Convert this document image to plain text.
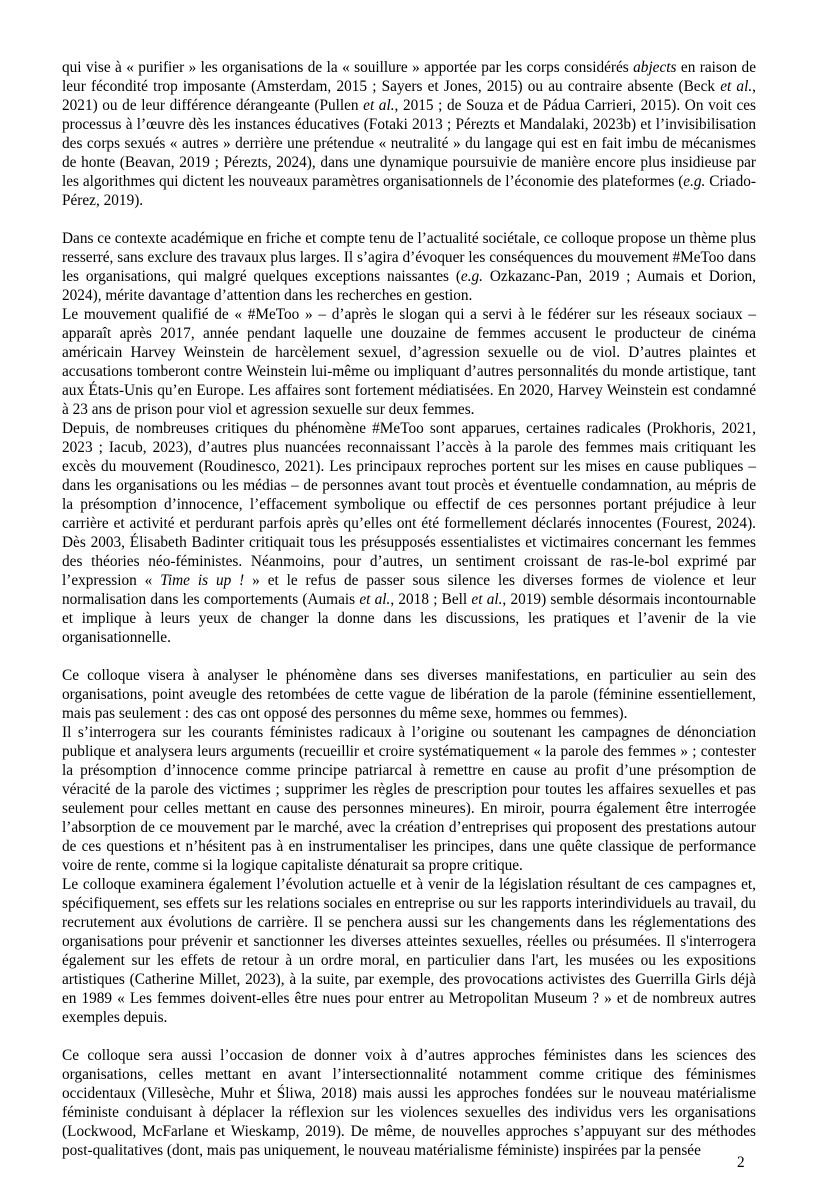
qui vise à « purifier » les organisations de la « souillure » apportée par les corps considérés abjects en raison de leur fécondité trop imposante (Amsterdam, 2015 ; Sayers et Jones, 2015) ou au contraire absente (Beck et al., 2021) ou de leur différence dérangeante (Pullen et al., 2015 ; de Souza et de Pádua Carrieri, 2015). On voit ces processus à l’œuvre dès les instances éducatives (Fotaki 2013 ; Pérezts et Mandalaki, 2023b) et l’invisibilisation des corps sexués « autres » derrière une prétendue « neutralité » du langage qui est en fait imbu de mécanismes de honte (Beavan, 2019 ; Pérezts, 2024), dans une dynamique poursuivie de manière encore plus insidieuse par les algorithmes qui dictent les nouveaux paramètres organisationnels de l’économie des plateformes (e.g. Criado-Pérez, 2019).

Dans ce contexte académique en friche et compte tenu de l’actualité sociétale, ce colloque propose un thème plus resserré, sans exclure des travaux plus larges. Il s’agira d’évoquer les conséquences du mouvement #MeToo dans les organisations, qui malgré quelques exceptions naissantes (e.g. Ozkazanc-Pan, 2019 ; Aumais et Dorion, 2024), mérite davantage d’attention dans les recherches en gestion.

Le mouvement qualifié de « #MeToo » – d’après le slogan qui a servi à le fédérer sur les réseaux sociaux – apparaît après 2017, année pendant laquelle une douzaine de femmes accusent le producteur de cinéma américain Harvey Weinstein de harcèlement sexuel, d’agression sexuelle ou de viol. D’autres plaintes et accusations tomberont contre Weinstein lui-même ou impliquant d’autres personnalités du monde artistique, tant aux États-Unis qu’en Europe. Les affaires sont fortement médiatisées. En 2020, Harvey Weinstein est condamné à 23 ans de prison pour viol et agression sexuelle sur deux femmes.

Depuis, de nombreuses critiques du phénomène #MeToo sont apparues, certaines radicales (Prokhoris, 2021, 2023 ; Iacub, 2023), d’autres plus nuancées reconnaissant l’accès à la parole des femmes mais critiquant les excès du mouvement (Roudinesco, 2021). Les principaux reproches portent sur les mises en cause publiques – dans les organisations ou les médias – de personnes avant tout procès et éventuelle condamnation, au mépris de la présomption d’innocence, l’effacement symbolique ou effectif de ces personnes portant préjudice à leur carrière et activité et perdurant parfois après qu’elles ont été formellement déclarés innocentes (Fourest, 2024). Dès 2003, Élisabeth Badinter critiquait tous les présupposés essentialistes et victimaires concernant les femmes des théories néo-féministes. Néanmoins, pour d’autres, un sentiment croissant de ras-le-bol exprimé par l’expression « Time is up ! » et le refus de passer sous silence les diverses formes de violence et leur normalisation dans les comportements (Aumais et al., 2018 ; Bell et al., 2019) semble désormais incontournable et implique à leurs yeux de changer la donne dans les discussions, les pratiques et l’avenir de la vie organisationnelle.

Ce colloque visera à analyser le phénomène dans ses diverses manifestations, en particulier au sein des organisations, point aveugle des retombées de cette vague de libération de la parole (féminine essentiellement, mais pas seulement : des cas ont opposé des personnes du même sexe, hommes ou femmes).

Il s’interrogera sur les courants féministes radicaux à l’origine ou soutenant les campagnes de dénonciation publique et analysera leurs arguments (recueillir et croire systématiquement « la parole des femmes » ; contester la présomption d’innocence comme principe patriarcal à remettre en cause au profit d’une présomption de véracité de la parole des victimes ; supprimer les règles de prescription pour toutes les affaires sexuelles et pas seulement pour celles mettant en cause des personnes mineures). En miroir, pourra également être interrogée l’absorption de ce mouvement par le marché, avec la création d’entreprises qui proposent des prestations autour de ces questions et n’hésitent pas à en instrumentaliser les principes, dans une quête classique de performance voire de rente, comme si la logique capitaliste dénaturait sa propre critique.

Le colloque examinera également l’évolution actuelle et à venir de la législation résultant de ces campagnes et, spécifiquement, ses effets sur les relations sociales en entreprise ou sur les rapports interindividuels au travail, du recrutement aux évolutions de carrière. Il se penchera aussi sur les changements dans les réglementations des organisations pour prévenir et sanctionner les diverses atteintes sexuelles, réelles ou présumées. Il s'interrogera également sur les effets de retour à un ordre moral, en particulier dans l'art, les musées ou les expositions artistiques (Catherine Millet, 2023), à la suite, par exemple, des provocations activistes des Guerrilla Girls déjà en 1989 « Les femmes doivent-elles être nues pour entrer au Metropolitan Museum ? » et de nombreux autres exemples depuis.

Ce colloque sera aussi l’occasion de donner voix à d’autres approches féministes dans les sciences des organisations, celles mettant en avant l’intersectionnalité notamment comme critique des féminismes occidentaux (Villesèche, Muhr et Śliwa, 2018) mais aussi les approches fondées sur le nouveau matérialisme féministe conduisant à déplacer la réflexion sur les violences sexuelles des individus vers les organisations (Lockwood, McFarlane et Wieskamp, 2019). De même, de nouvelles approches s’appuyant sur des méthodes post-qualitatives (dont, mais pas uniquement, le nouveau matérialisme féministe) inspirées par la pensée

2
